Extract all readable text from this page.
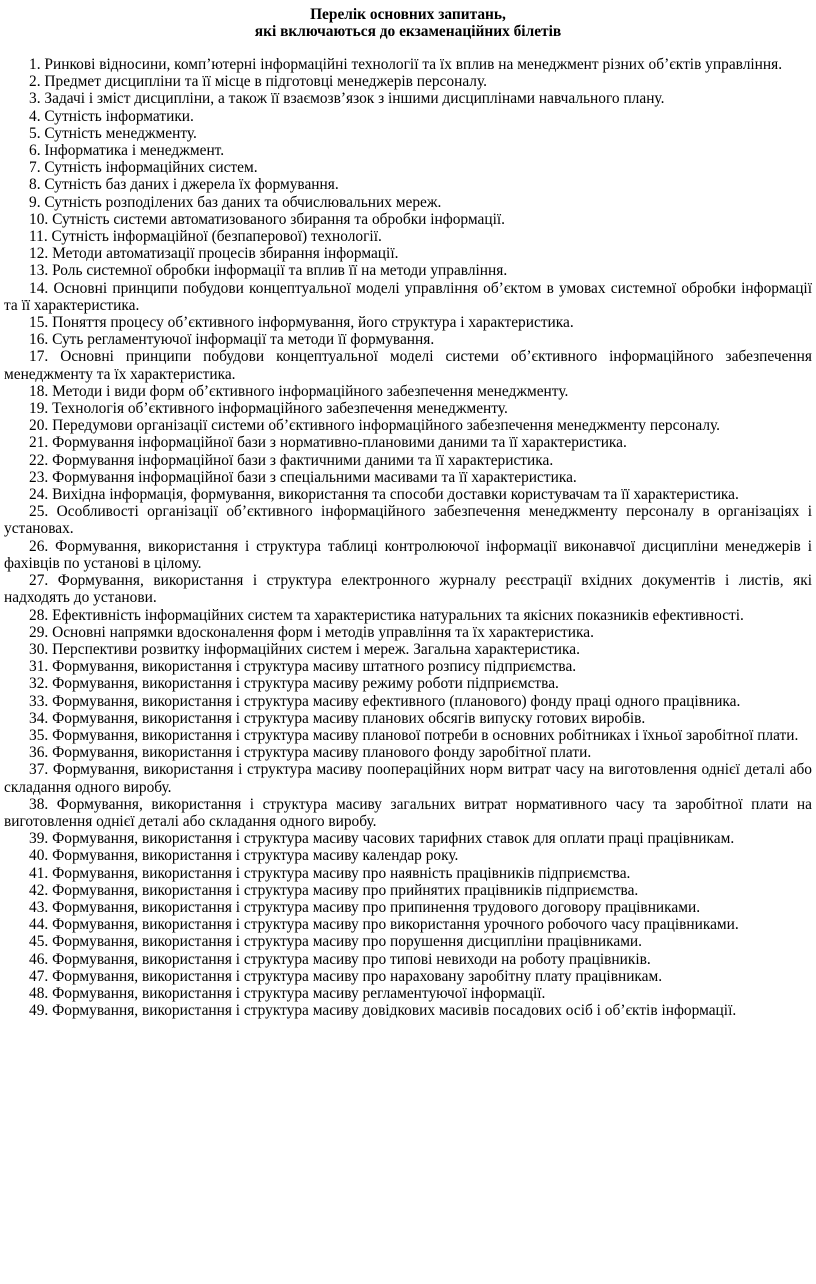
Перелік основних запитань,
які включаються до екзаменаційних білетів

1. Ринкові відносини, комп’ютерні інформаційні технології та їх вплив на менеджмент різних об’єктів управління.

2. Предмет дисципліни та її місце в підготовці менеджерів персоналу.

3. Задачі і зміст дисципліни, а також її взаємозв’язок з іншими дисциплінами навчального плану.

4. Сутність інформатики.

5. Сутність менеджменту.

6. Інформатика і менеджмент.

7. Сутність інформаційних систем.

8. Сутність баз даних і джерела їх формування.

9. Сутність розподілених баз даних та обчислювальних мереж.

10. Сутність системи автоматизованого збирання та обробки інформації.

11. Сутність інформаційної (безпаперової) технології.

12. Методи автоматизації процесів збирання інформації.

13. Роль системної обробки інформації та вплив її на методи управління.

14. Основні принципи побудови концептуальної моделі управління об’єктом в умовах системної обробки інформації та її характеристика.

15. Поняття процесу об’єктивного інформування, його структура і характеристика.

16. Суть регламентуючої інформації та методи її формування.

17. Основні принципи побудови концептуальної моделі системи об’єктивного інформаційного забезпечення менеджменту та їх характеристика.

18. Методи і види форм об’єктивного інформаційного забезпечення менеджменту.

19. Технологія об’єктивного інформаційного забезпечення менеджменту.

20. Передумови організації системи об’єктивного інформаційного забезпечення менеджменту персоналу.

21. Формування інформаційної бази з нормативно-плановими даними та її характеристика.

22. Формування інформаційної бази з фактичними даними та її характеристика.

23. Формування інформаційної бази з спеціальними масивами та її характеристика.

24. Вихідна інформація, формування, використання та способи доставки користувачам та її характеристика.

25. Особливості організації об’єктивного інформаційного забезпечення менеджменту персоналу в організаціях і установах.

26. Формування, використання і структура таблиці контролюючої інформації виконавчої дисципліни менеджерів і фахівців по установі в цілому.

27. Формування, використання і структура електронного журналу реєстрації вхідних документів і листів, які надходять до установи.

28. Ефективність інформаційних систем та характеристика натуральних та якісних показників ефективності.

29. Основні напрямки вдосконалення форм і методів управління та їх характеристика.

30. Перспективи розвитку інформаційних систем і мереж. Загальна характеристика.

31. Формування, використання і структура масиву штатного розпису підприємства.

32. Формування, використання і структура масиву режиму роботи підприємства.

33. Формування, використання і структура масиву ефективного (планового) фонду праці одного працівника.

34. Формування, використання і структура масиву планових обсягів випуску готових виробів.

35. Формування, використання і структура масиву планової потреби в основних робітниках і їхньої заробітної плати.

36. Формування, використання і структура масиву планового фонду заробітної плати.

37. Формування, використання і структура масиву поопераційних норм витрат часу на виготовлення однієї деталі або складання одного виробу.

38. Формування, використання і структура масиву загальних витрат нормативного часу та заробітної плати на виготовлення однієї деталі або складання одного виробу.

39. Формування, використання і структура масиву часових тарифних ставок для оплати праці працівникам.

40. Формування, використання і структура масиву календар року.

41. Формування, використання і структура масиву про наявність працівників підприємства.

42. Формування, використання і структура масиву про прийнятих працівників підприємства.

43. Формування, використання і структура масиву про припинення трудового договору працівниками.

44. Формування, використання і структура масиву про використання урочного робочого часу працівниками.

45. Формування, використання і структура масиву про порушення дисципліни працівниками.

46. Формування, використання і структура масиву про типові невиходи на роботу працівників.

47. Формування, використання і структура масиву про нараховану заробітну плату працівникам.

48. Формування, використання і структура масиву регламентуючої інформації.

49. Формування, використання і структура масиву довідкових масивів посадових осіб і об’єктів інформації.
